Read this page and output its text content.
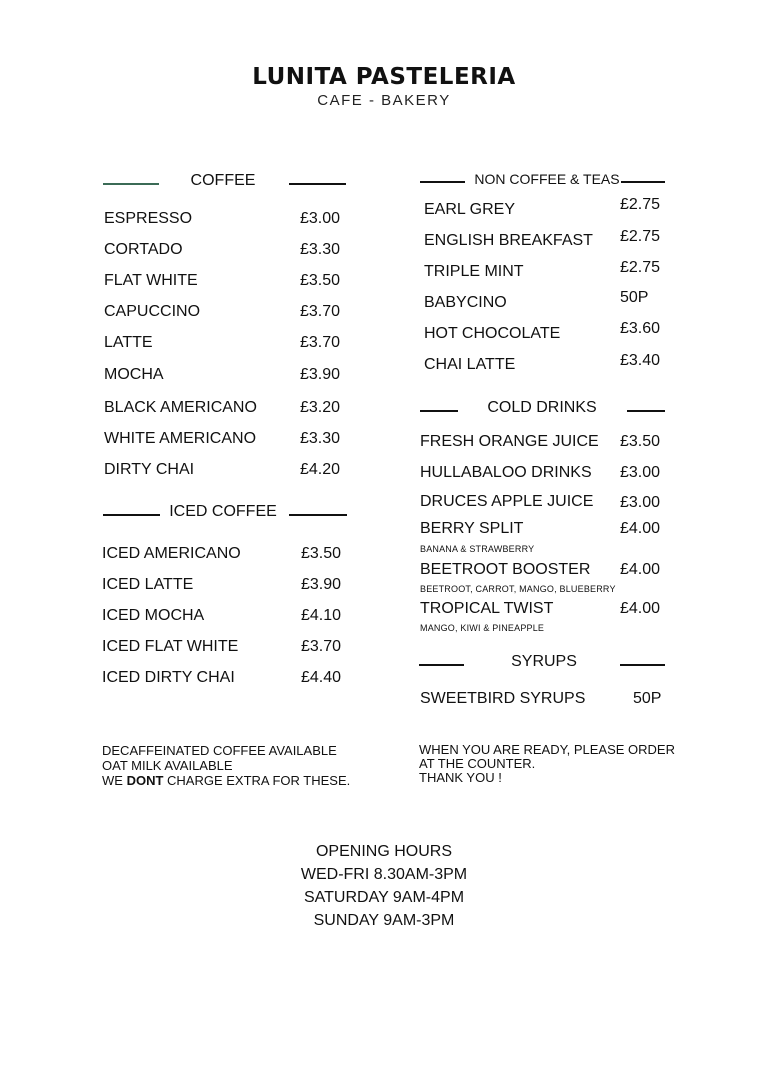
LUNITA PASTELERIA
CAFE - BAKERY
COFFEE
ESPRESSO	£3.00
CORTADO	£3.30
FLAT WHITE	£3.50
CAPUCCINO	£3.70
LATTE	£3.70
MOCHA	£3.90
BLACK AMERICANO	£3.20
WHITE AMERICANO	£3.30
DIRTY CHAI	£4.20
ICED COFFEE
ICED AMERICANO	£3.50
ICED LATTE	£3.90
ICED MOCHA	£4.10
ICED FLAT WHITE	£3.70
ICED DIRTY CHAI	£4.40
NON COFFEE & TEAS
EARL GREY	£2.75
ENGLISH BREAKFAST £2.75
TRIPLE MINT	£2.75
BABYCINO	50P
HOT CHOCOLATE	£3.60
CHAI LATTE	£3.40
COLD DRINKS
FRESH ORANGE JUICE £3.50
HULLABALOO DRINKS £3.00
DRUCES APPLE JUICE £3.00
BERRY SPLIT	£4.00
BANANA & STRAWBERRY
BEETROOT BOOSTER £4.00
BEETROOT, CARROT, MANGO, BLUEBERRY
TROPICAL TWIST	£4.00
MANGO, KIWI & PINEAPPLE
SYRUPS
SWEETBIRD SYRUPS	50P
DECAFFEINATED COFFEE AVAILABLE
OAT MILK AVAILABLE
WE DONT CHARGE EXTRA FOR THESE.
WHEN YOU ARE READY, PLEASE ORDER
AT THE COUNTER.
THANK YOU !
OPENING HOURS
WED-FRI 8.30AM-3PM
SATURDAY 9AM-4PM
SUNDAY 9AM-3PM
